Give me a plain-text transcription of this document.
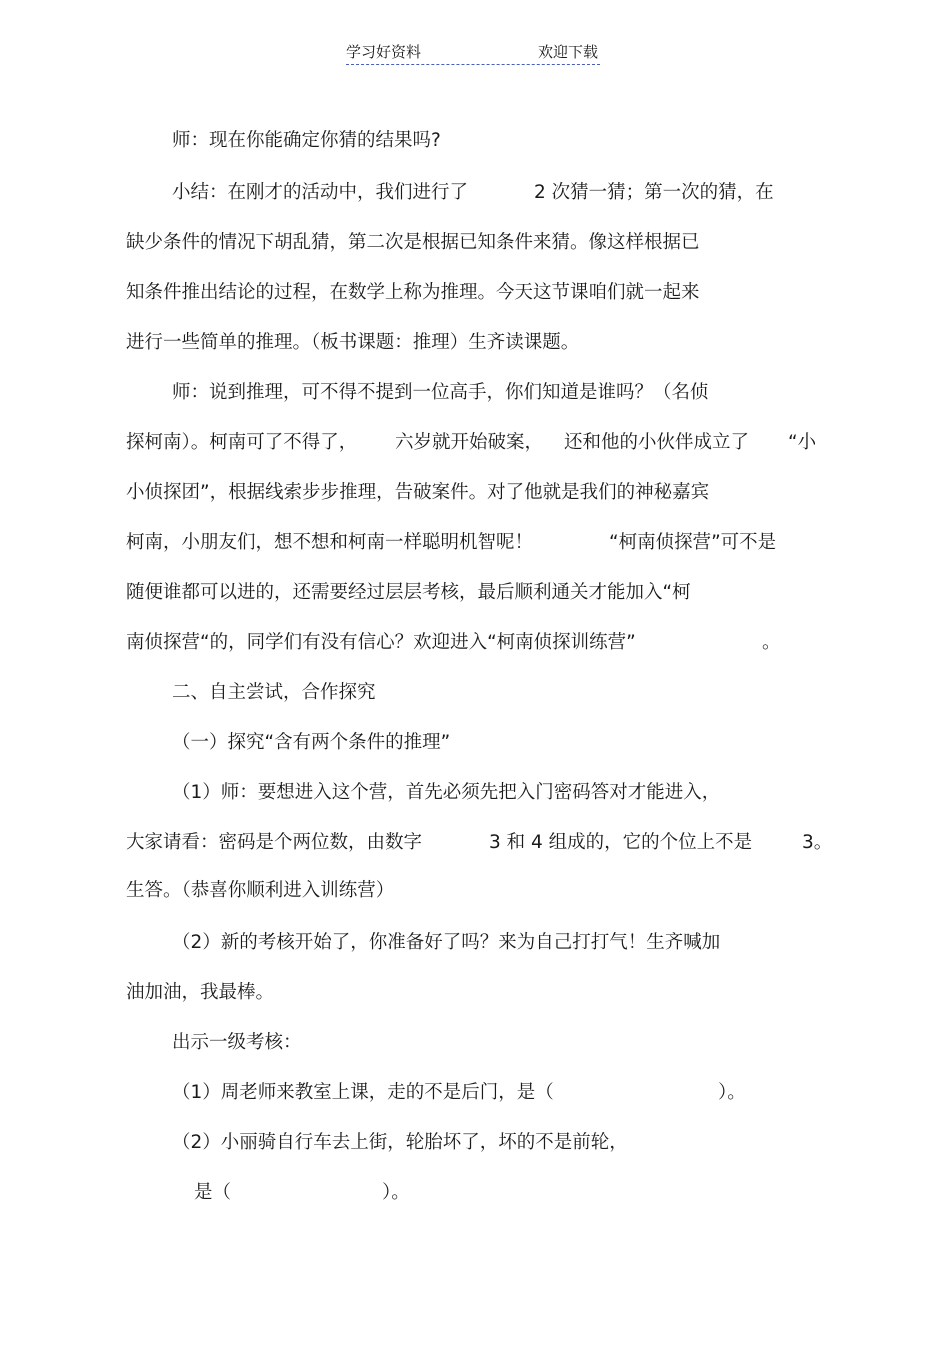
学习好资料	欢迎下载
师：现在你能确定你猜的结果吗?
小结：在刚才的活动中，我们进行了	2 次猜一猜；第一次的猜，在
缺少条件的情况下胡乱猜，第二次是根据已知条件来猜。像这样根据已
知条件推出结论的过程，在数学上称为推理。今天这节课咱们就一起来
进行一些简单的推理。（板书课题：推理）生齐读课题。
师：说到推理，可不得不提到一位高手，你们知道是谁吗？（名侦
探柯南）。柯南可了不得了， 六岁就开始破案， 还和他的小伙伴成立了 “小
小侦探团”，根据线索步步推理，告破案件。对了他就是我们的神秘嘉宾
柯南，小朋友们，想不想和柯南一样聪明机智呢！	“柯南侦探营”可不是
随便谁都可以进的，还需要经过层层考核，最后顺利通关才能加入“柯
南侦探营“的，同学们有没有信心？欢迎进入“柯南侦探训练营”	。
二、自主尝试，合作探究
（一）探究“含有两个条件的推理”
（1）师：要想进入这个营，首先必须先把入门密码答对才能进入，
大家请看：密码是个两位数，由数字	3 和 4 组成的，它的个位上不是	3。
生答。（恭喜你顺利进入训练营）
（2）新的考核开始了，你准备好了吗？来为自己打打气！生齐喊加
油加油，我最棒。
出示一级考核：
（1）周老师来教室上课，走的不是后门，是（	）。
（2）小丽骑自行车去上街，轮胎坏了，坏的不是前轮，
是（	）。
